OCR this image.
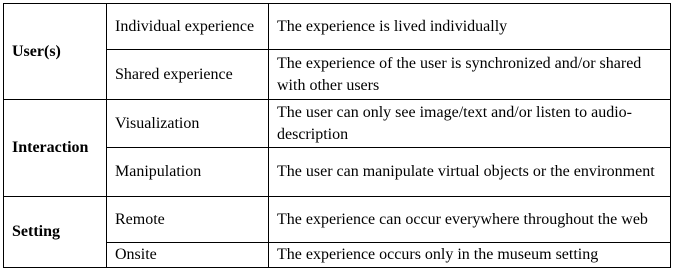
User(s)	Individual experience	The experience is lived individually
	Shared experience	The experience of the user is synchronized and/or shared with other users
Interaction	Visualization	The user can only see image/text and/or listen to audio-description
	Manipulation	The user can manipulate virtual objects or the environment
Setting	Remote	The experience can occur everywhere throughout the web
	Onsite	The experience occurs only in the museum setting
